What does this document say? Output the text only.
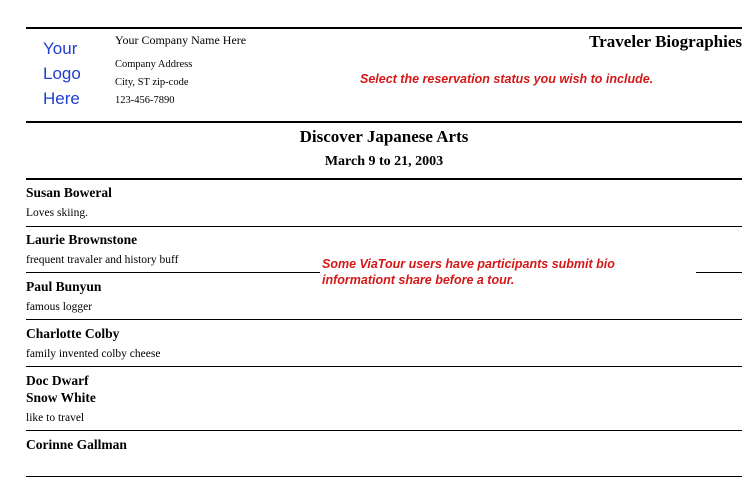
Your
Logo
Here
Your Company Name Here
Company Address
City, ST zip-code
123-456-7890
Traveler Biographies
Select the reservation status you wish to include.
Discover Japanese Arts
March 9 to 21, 2003
Susan Boweral
Loves skiing.
Laurie Brownstone
frequent travaler and history buff
Paul Bunyun
famous logger
Charlotte Colby
family invented colby cheese
Doc Dwarf
Snow White
like to travel
Corinne Gallman
Some ViaTour users have participants submit bio
informationt share before a tour.
